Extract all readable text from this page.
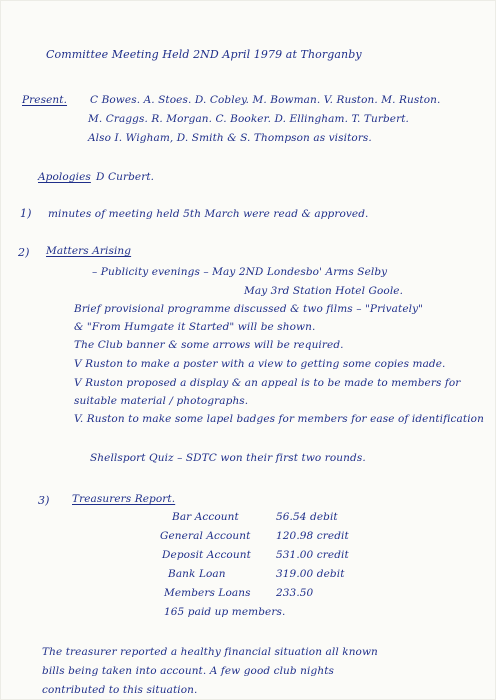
Committee Meeting Held 2ND April 1979 at Thorganby
Present. C Bowes. A. Stoes. D. Cobley. M. Bowman. V. Ruston. M. Ruston.
M. Craggs. R. Morgan. C. Booker. D. Ellingham. T. Turbert.
Also I. Wigham, D. Smith & S. Thompson as visitors.
Apologies D Curbert.
1) minutes of meeting held 5th March were read & approved.
2) Matters Arising
– Publicity evenings – May 2ND Londesbo' Arms Selby
May 3rd Station Hotel Goole.
Brief provisional programme discussed & two films – "Privately"
& "From Humgate it Started" will be shown.
The Club banner & some arrows will be required.
V Ruston to make a poster with a view to getting some copies made.
V Ruston proposed a display & an appeal is to be made to members for
suitable material / photographs.
V. Ruston to make some lapel badges for members for ease of identification
Shellsport Quiz – SDTC won their first two rounds.
3) Treasurers Report.
Bar Account	56.54 debit
General Account 120.98 credit
Deposit Account 531.00 credit
Bank Loan	319.00 debit
Members Loans 233.50
165 paid up members.
The treasurer reported a healthy financial situation all known
bills being taken into account. A few good club nights
contributed to this situation.
